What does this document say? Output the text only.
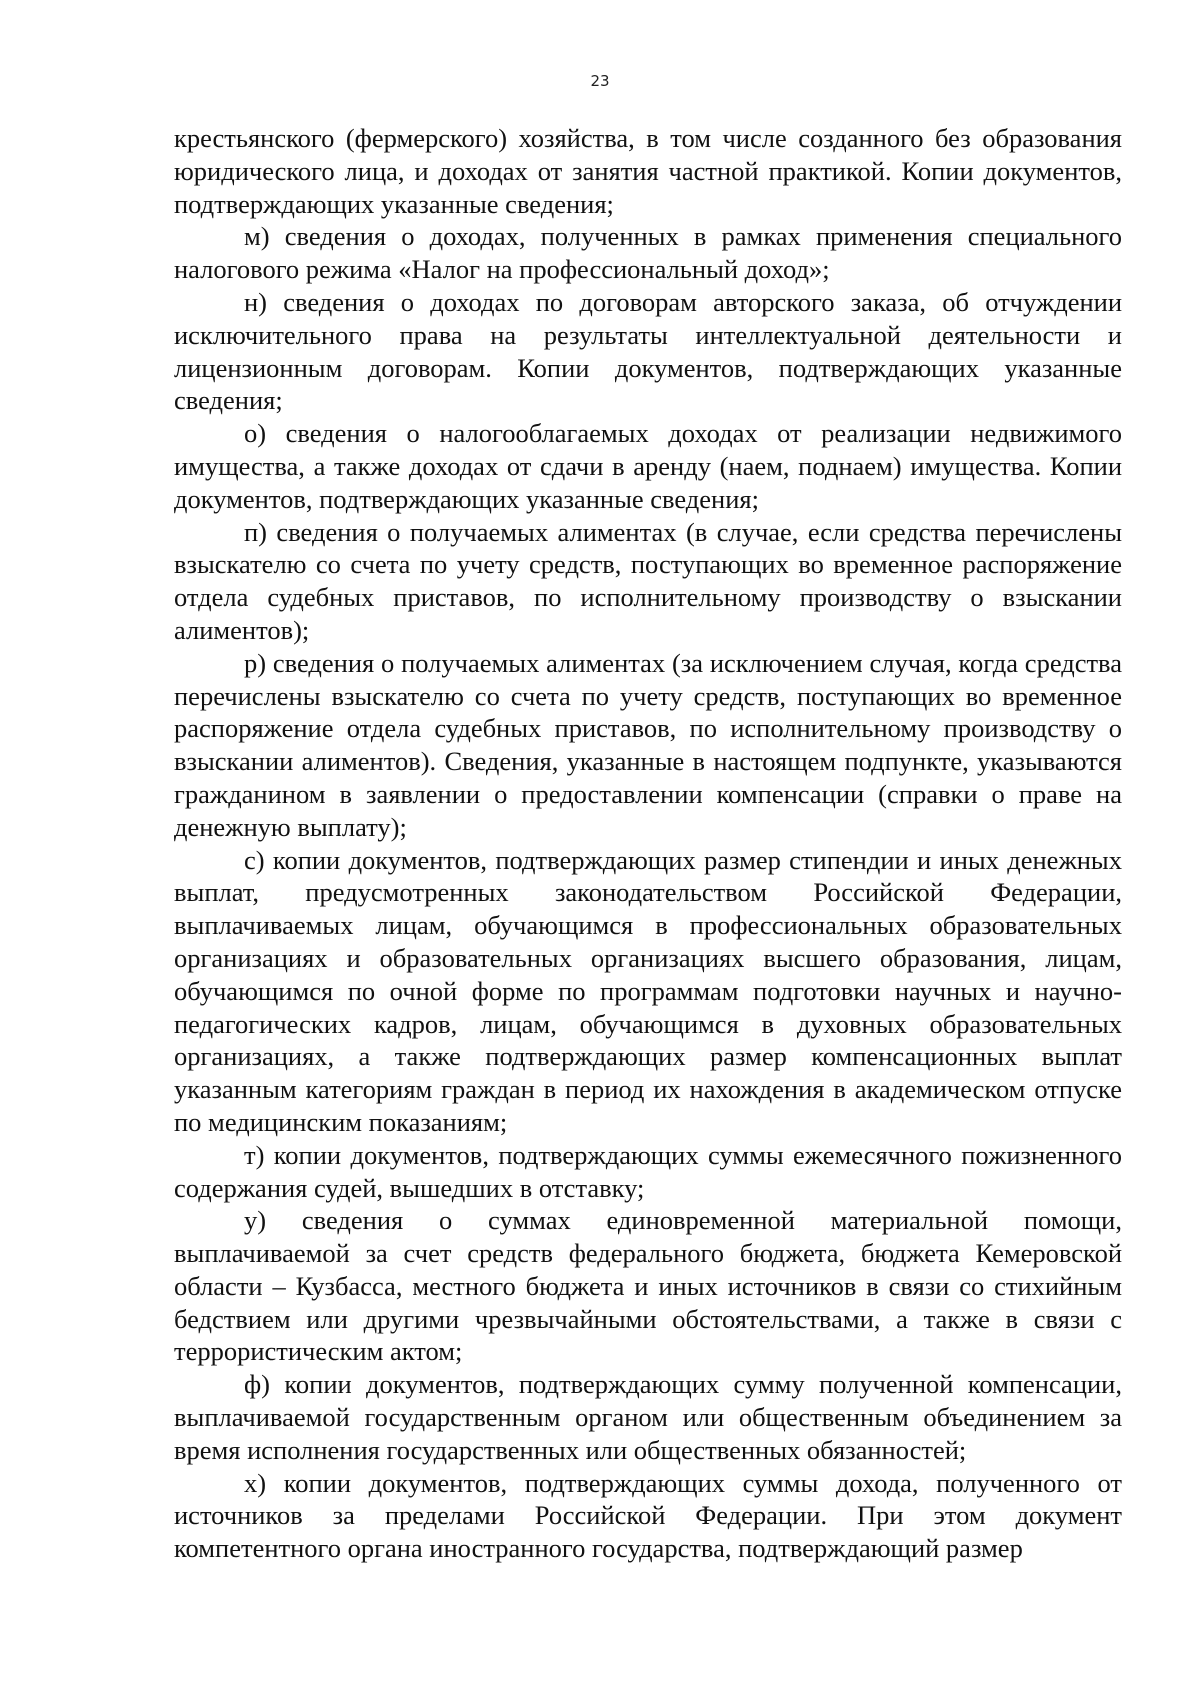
23

крестьянского (фермерского) хозяйства, в том числе созданного без образования юридического лица, и доходах от занятия частной практикой. Копии документов, подтверждающих указанные сведения;

м) сведения о доходах, полученных в рамках применения специального налогового режима «Налог на профессиональный доход»;

н) сведения о доходах по договорам авторского заказа, об отчуждении исключительного права на результаты интеллектуальной деятельности и лицензионным договорам. Копии документов, подтверждающих указанные сведения;

о) сведения о налогооблагаемых доходах от реализации недвижимого имущества, а также доходах от сдачи в аренду (наем, поднаем) имущества. Копии документов, подтверждающих указанные сведения;

п) сведения о получаемых алиментах (в случае, если средства перечислены взыскателю со счета по учету средств, поступающих во временное распоряжение отдела судебных приставов, по исполнительному производству о взыскании алиментов);

р) сведения о получаемых алиментах (за исключением случая, когда средства перечислены взыскателю со счета по учету средств, поступающих во временное распоряжение отдела судебных приставов, по исполнительному производству о взыскании алиментов). Сведения, указанные в настоящем подпункте, указываются гражданином в заявлении о предоставлении компенсации (справки о праве на денежную выплату);

с) копии документов, подтверждающих размер стипендии и иных денежных выплат, предусмотренных законодательством Российской Федерации, выплачиваемых лицам, обучающимся в профессиональных образовательных организациях и образовательных организациях высшего образования, лицам, обучающимся по очной форме по программам подготовки научных и научно-педагогических кадров, лицам, обучающимся в духовных образовательных организациях, а также подтверждающих размер компенсационных выплат указанным категориям граждан в период их нахождения в академическом отпуске по медицинским показаниям;

т) копии документов, подтверждающих суммы ежемесячного пожизненного содержания судей, вышедших в отставку;

у) сведения о суммах единовременной материальной помощи, выплачиваемой за счет средств федерального бюджета, бюджета Кемеровской области – Кузбасса, местного бюджета и иных источников в связи со стихийным бедствием или другими чрезвычайными обстоятельствами, а также в связи с террористическим актом;

ф) копии документов, подтверждающих сумму полученной компенсации, выплачиваемой государственным органом или общественным объединением за время исполнения государственных или общественных обязанностей;

х) копии документов, подтверждающих суммы дохода, полученного от источников за пределами Российской Федерации. При этом документ компетентного органа иностранного государства, подтверждающий размер
